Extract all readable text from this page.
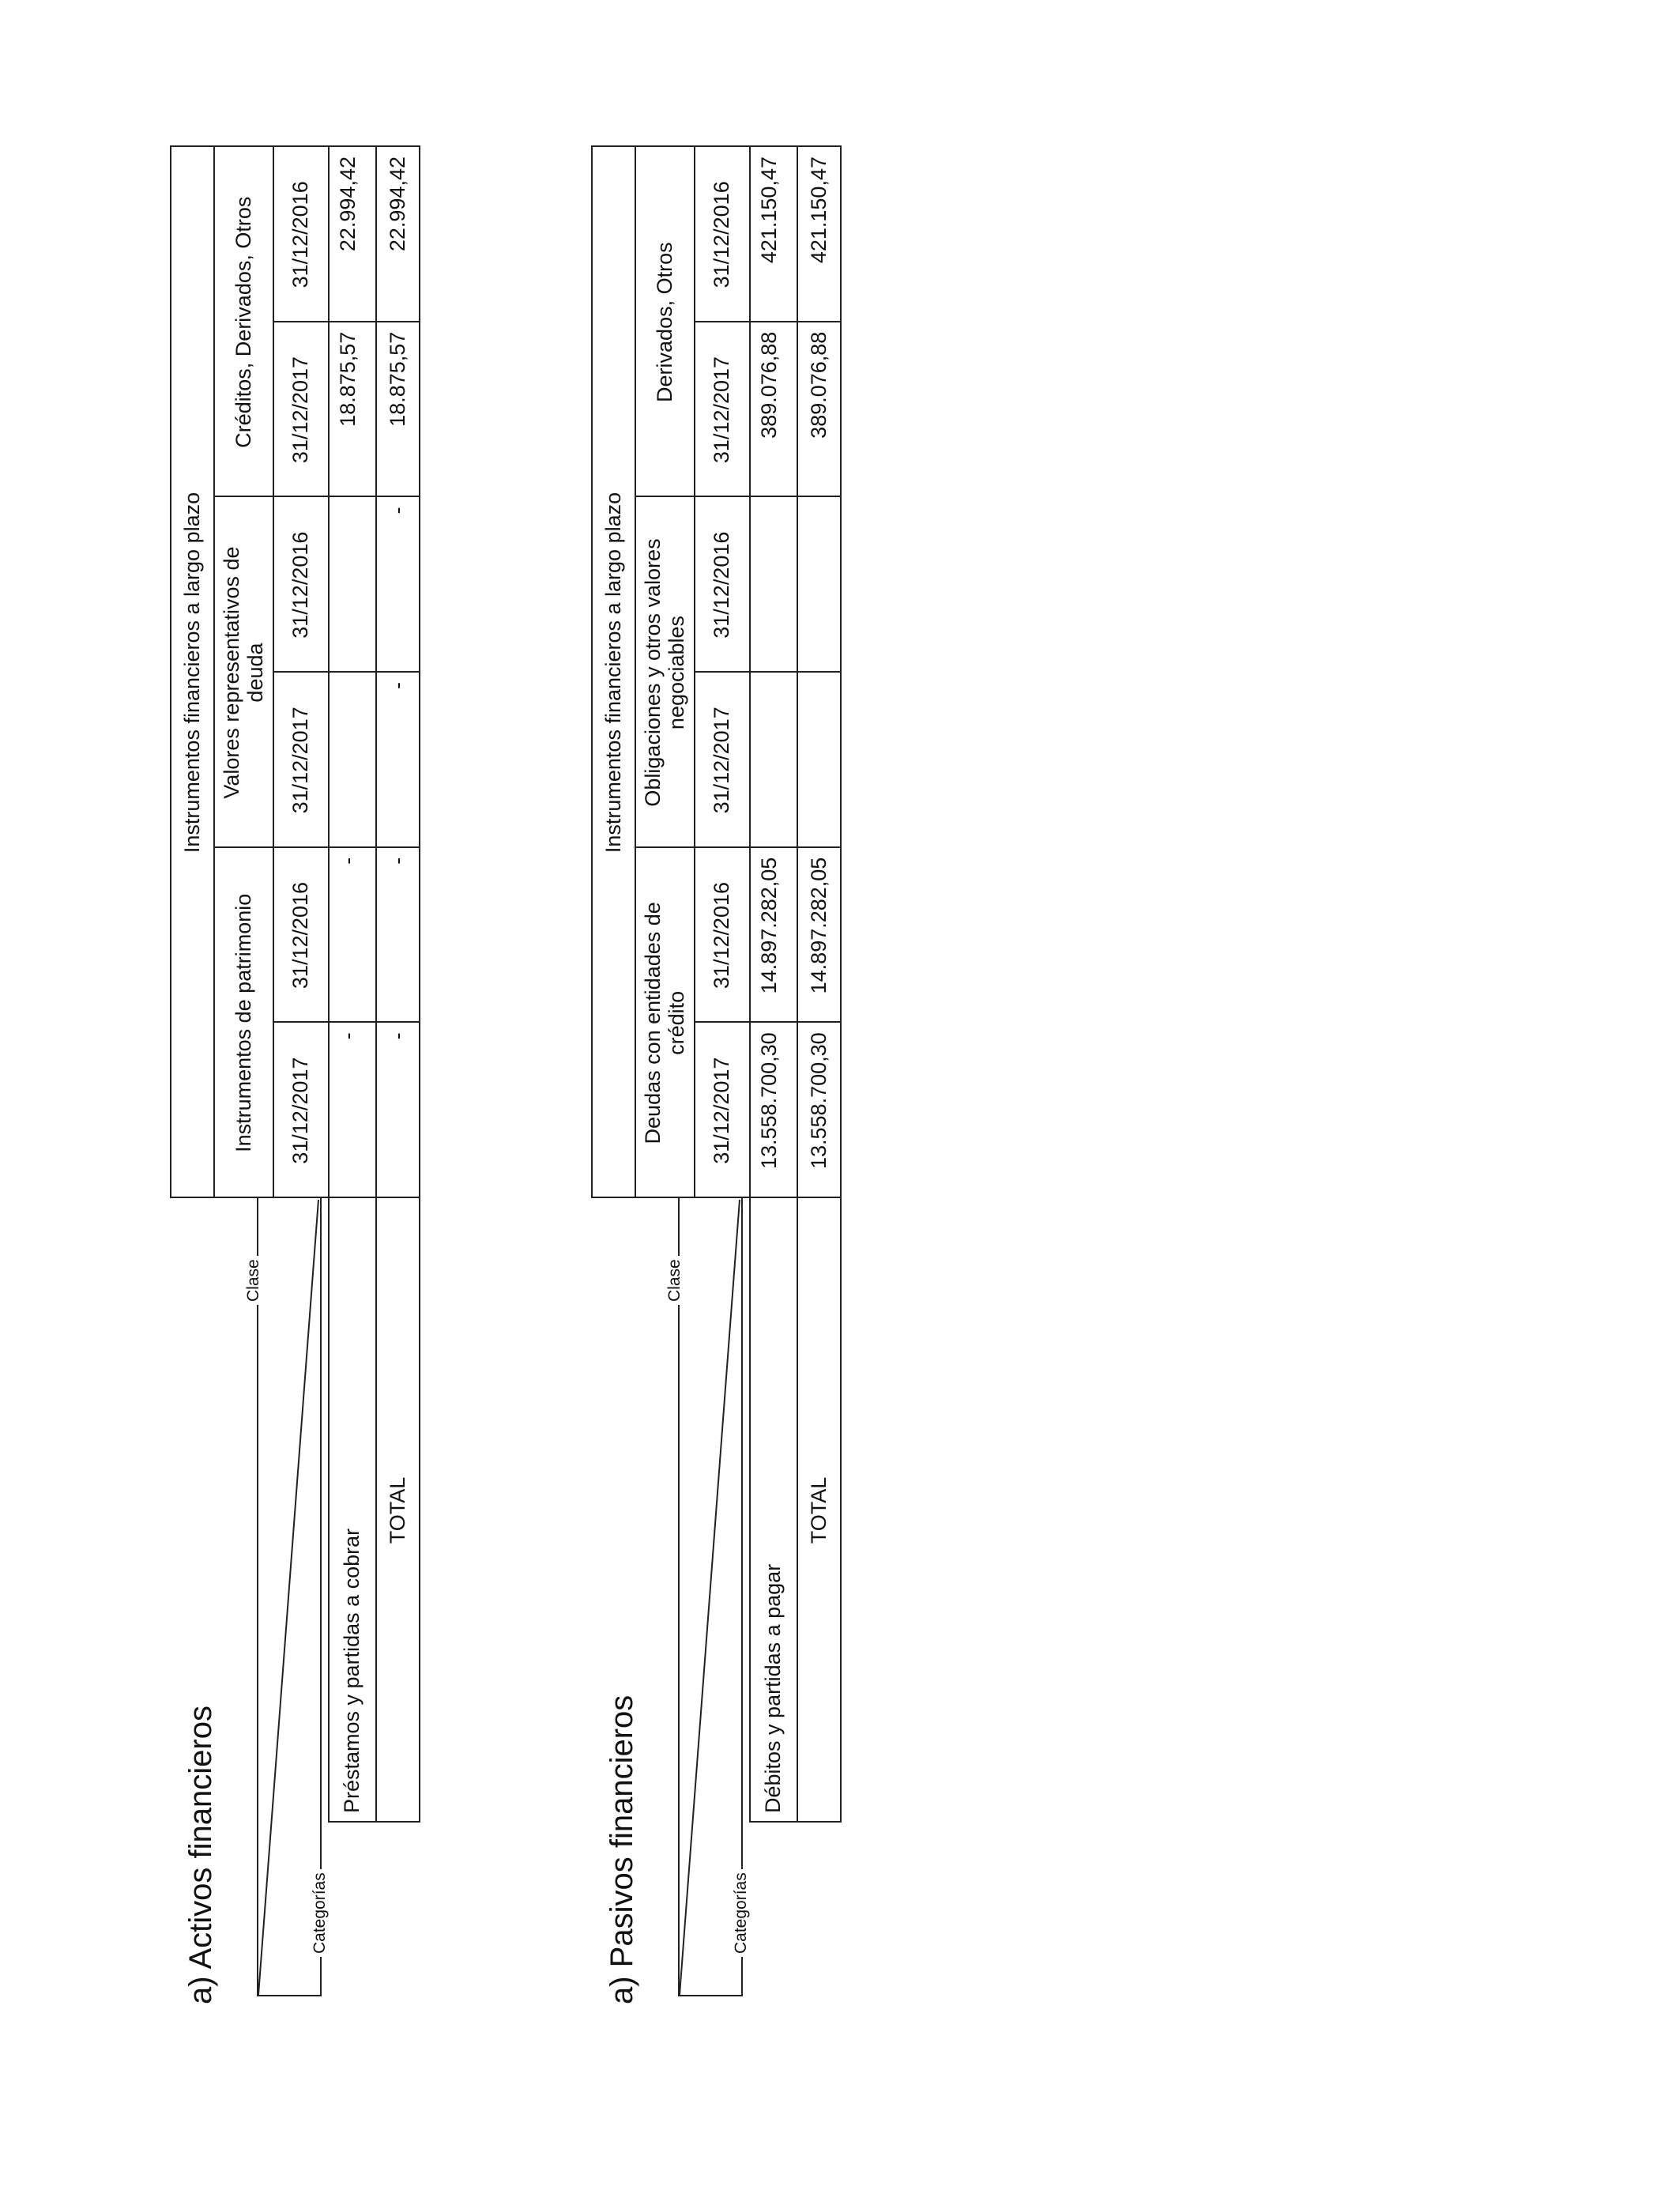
a) Activos financieros
Clase
Categorías
Instrumentos financieros a largo plazo
Instrumentos de patrimonio
Valores representativos de deuda
Créditos, Derivados, Otros
31/12/2017
31/12/2016
31/12/2017
31/12/2016
31/12/2017
31/12/2016
Préstamos y partidas a cobrar
-
-
18.875,57
22.994,42
TOTAL
-
-
-
-
18.875,57
22.994,42
a) Pasivos financieros
Clase
Categorías
Instrumentos financieros a largo plazo
Deudas con entidades de crédito
Obligaciones y otros valores negociables
Derivados, Otros
31/12/2017
31/12/2016
31/12/2017
31/12/2016
31/12/2017
31/12/2016
Débitos y partidas a pagar
13.558.700,30
14.897.282,05
389.076,88
421.150,47
TOTAL
13.558.700,30
14.897.282,05
389.076,88
421.150,47
